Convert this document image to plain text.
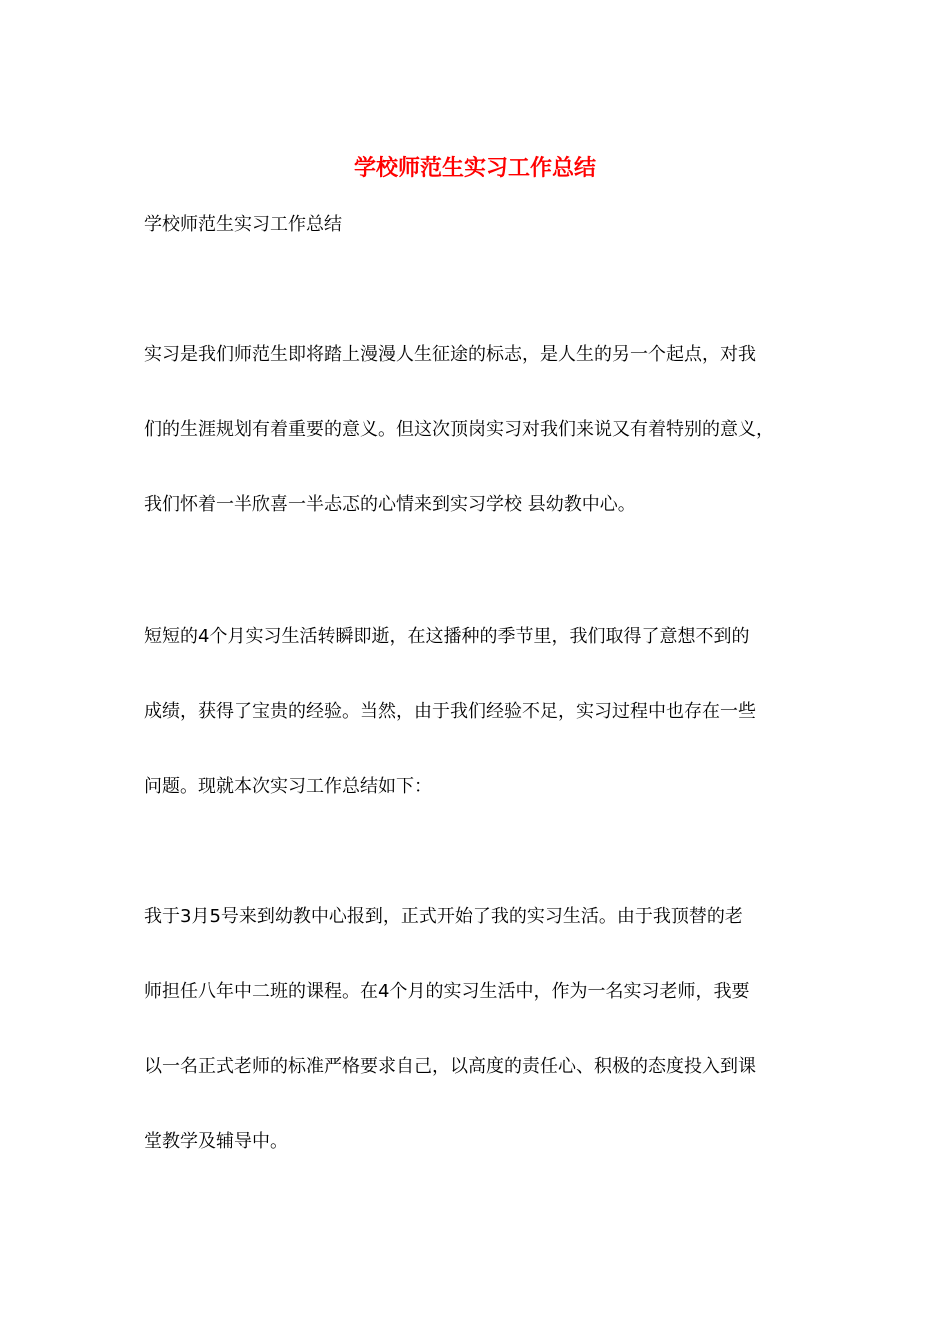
学校师范生实习工作总结
学校师范生实习工作总结
实习是我们师范生即将踏上漫漫人生征途的标志，是人生的另一个起点，对我
们的生涯规划有着重要的意义。但这次顶岗实习对我们来说又有着特别的意义，
我们怀着一半欣喜一半忐忑的心情来到实习学校 县幼教中心。
短短的4个月实习生活转瞬即逝，在这播种的季节里，我们取得了意想不到的
成绩，获得了宝贵的经验。当然，由于我们经验不足，实习过程中也存在一些
问题。现就本次实习工作总结如下：
我于3月5号来到幼教中心报到，正式开始了我的实习生活。由于我顶替的老
师担任八年中二班的课程。在4个月的实习生活中，作为一名实习老师，我要
以一名正式老师的标准严格要求自己，以高度的责任心、积极的态度投入到课
堂教学及辅导中。
